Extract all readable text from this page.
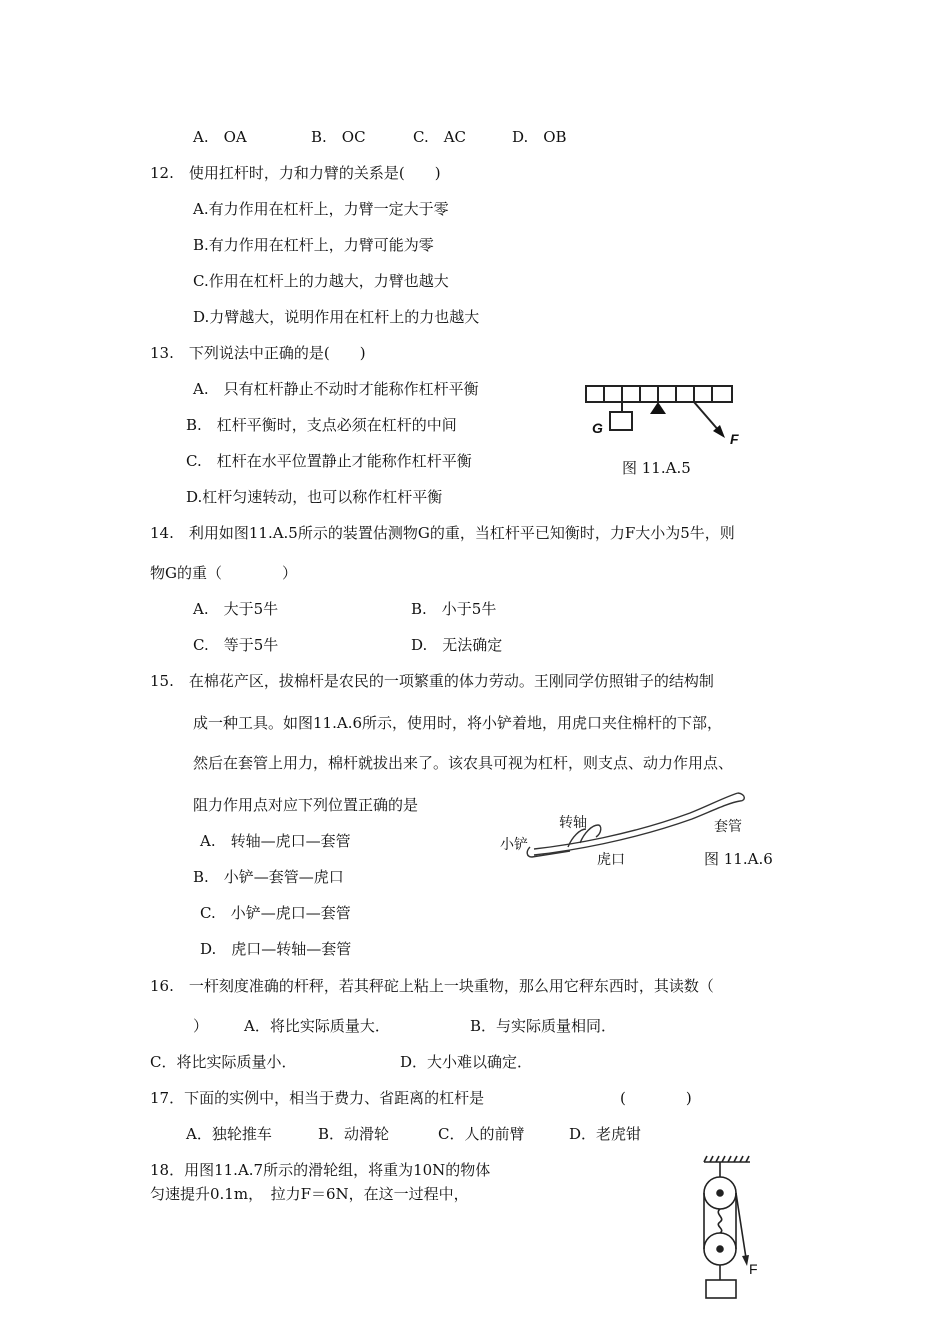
A.　OA	B.　OC	C.　AC	D.　OB
12.　使用扛杆时，力和力臂的关系是(　　)
A.有力作用在杠杆上，力臂一定大于零
B.有力作用在杠杆上，力臂可能为零
C.作用在杠杆上的力越大，力臂也越大
D.力臂越大，说明作用在杠杆上的力也越大
13.　下列说法中正确的是(　　)
A.　只有杠杆静止不动时才能称作杠杆平衡
B.　杠杆平衡时，支点必须在杠杆的中间
C.　杠杆在水平位置静止才能称作杠杆平衡
D.杠杆匀速转动，也可以称作杠杆平衡
G
F
图 11.A.5
14.　利用如图11.A.5所示的装置估测物G的重，当杠杆平已知衡时，力F大小为5牛，则
物G的重（　　　　）
A.　大于5牛	B.　小于5牛
C.　等于5牛	D.　无法确定
15.　在棉花产区，拔棉杆是农民的一项繁重的体力劳动。王刚同学仿照钳子的结构制
成一种工具。如图11.A.6所示，使用时，将小铲着地，用虎口夹住棉杆的下部，
然后在套管上用力，棉杆就拔出来了。该农具可视为杠杆，则支点、动力作用点、
阻力作用点对应下列位置正确的是
A.　转轴—虎口—套管
B.　小铲—套管—虎口
C.　小铲—虎口—套管
D.　虎口—转轴—套管
转轴	套管
小铲
虎口	图 11.A.6
16.　一杆刻度准确的杆秤，若其秤砣上粘上一块重物，那么用它秤东西时，其读数（
） A．将比实际质量大．	B．与实际质量相同．
C．将比实际质量小．	D．大小难以确定．
17．下面的实例中，相当于费力、省距离的杠杆是	(　　　　)
A．独轮推车	B．动滑轮	C．人的前臂	D．老虎钳
18．用图11.A.7所示的滑轮组，将重为10N的物体
匀速提升0.1m，　拉力F＝6N，在这一过程中，
F
